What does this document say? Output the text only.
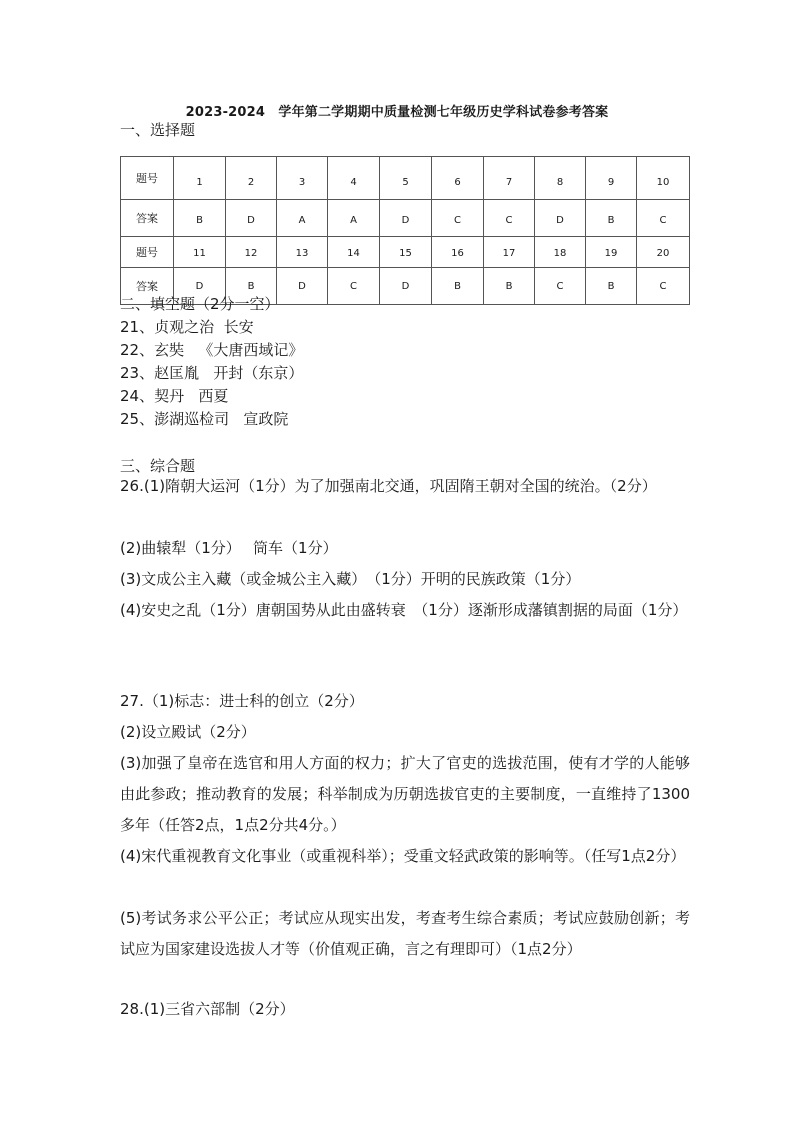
2023-2024　学年第二学期期中质量检测七年级历史学科试卷参考答案
一、选择题
题号	1	2	3	4	5	6	7	8	9	10
答案	B	D	A	A	D	C	C	D	B	C
题号	11	12	13	14	15	16	17	18	19	20
答案	D	B	D	C	D	B	B	C	B	C
二、填空题（2分一空）
21、贞观之治  长安
22、玄奘   《大唐西域记》
23、赵匡胤   开封（东京）
24、契丹   西夏
25、澎湖巡检司   宣政院
三、综合题

26.(1)隋朝大运河（1分）为了加强南北交通，巩固隋王朝对全国的统治。（2分）

(2)曲辕犁（1分）　 筒车（1分）

(3)文成公主入藏（或金城公主入藏）　（1分）开明的民族政策（1分）

(4)安史之乱（1分）唐朝国势从此由盛转衰　（1分）逐渐形成藩镇割据的局面（1分）

27.（1)标志：进士科的创立（2分）

(2)设立殿试（2分）

(3)加强了皇帝在选官和用人方面的权力；扩大了官吏的选拔范围，使有才学的人能够由此参政；推动教育的发展；科举制成为历朝选拔官吏的主要制度，一直维持了1300多年（任答2点，1点2分共4分。）

(4)宋代重视教育文化事业（或重视科举）；受重文轻武政策的影响等。（任写1点2分）

(5)考试务求公平公正；考试应从现实出发，考查考生综合素质；考试应鼓励创新；考试应为国家建设选拔人才等（价值观正确，言之有理即可）（1点2分）

28.(1)三省六部制（2分）
